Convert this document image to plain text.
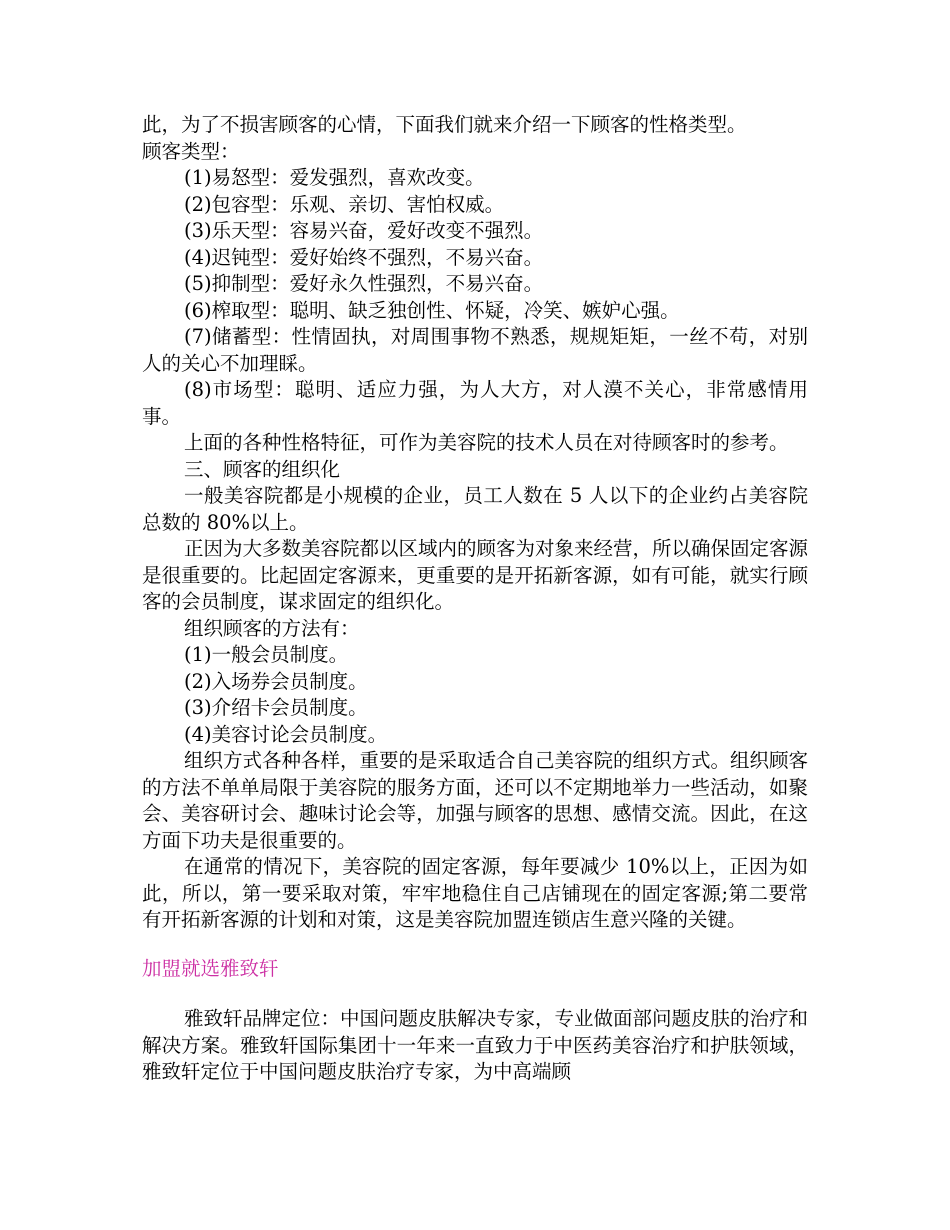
此，为了不损害顾客的心情，下面我们就来介绍一下顾客的性格类型。

顾客类型：

(1)易怒型：爱发强烈，喜欢改变。

(2)包容型：乐观、亲切、害怕权威。

(3)乐天型：容易兴奋，爱好改变不强烈。

(4)迟钝型：爱好始终不强烈，不易兴奋。

(5)抑制型：爱好永久性强烈，不易兴奋。

(6)榨取型：聪明、缺乏独创性、怀疑，冷笑、嫉妒心强。

(7)储蓄型：性情固执，对周围事物不熟悉，规规矩矩，一丝不苟，对别人的关心不加理睬。

(8)市场型：聪明、适应力强，为人大方，对人漠不关心，非常感情用事。

上面的各种性格特征，可作为美容院的技术人员在对待顾客时的参考。

三、顾客的组织化

一般美容院都是小规模的企业，员工人数在 5 人以下的企业约占美容院总数的 80%以上。

正因为大多数美容院都以区域内的顾客为对象来经营，所以确保固定客源是很重要的。比起固定客源来，更重要的是开拓新客源，如有可能，就实行顾客的会员制度，谋求固定的组织化。

组织顾客的方法有：

(1)一般会员制度。

(2)入场券会员制度。

(3)介绍卡会员制度。

(4)美容讨论会员制度。

组织方式各种各样，重要的是采取适合自己美容院的组织方式。组织顾客的方法不单单局限于美容院的服务方面，还可以不定期地举力一些活动，如聚会、美容研讨会、趣味讨论会等，加强与顾客的思想、感情交流。因此，在这方面下功夫是很重要的。

在通常的情况下，美容院的固定客源，每年要减少 10%以上，正因为如此，所以，第一要采取对策，牢牢地稳住自己店铺现在的固定客源;第二要常有开拓新客源的计划和对策，这是美容院加盟连锁店生意兴隆的关键。

加盟就选雅致轩

雅致轩品牌定位：中国问题皮肤解决专家，专业做面部问题皮肤的治疗和解决方案。雅致轩国际集团十一年来一直致力于中医药美容治疗和护肤领域，雅致轩定位于中国问题皮肤治疗专家，为中高端顾
